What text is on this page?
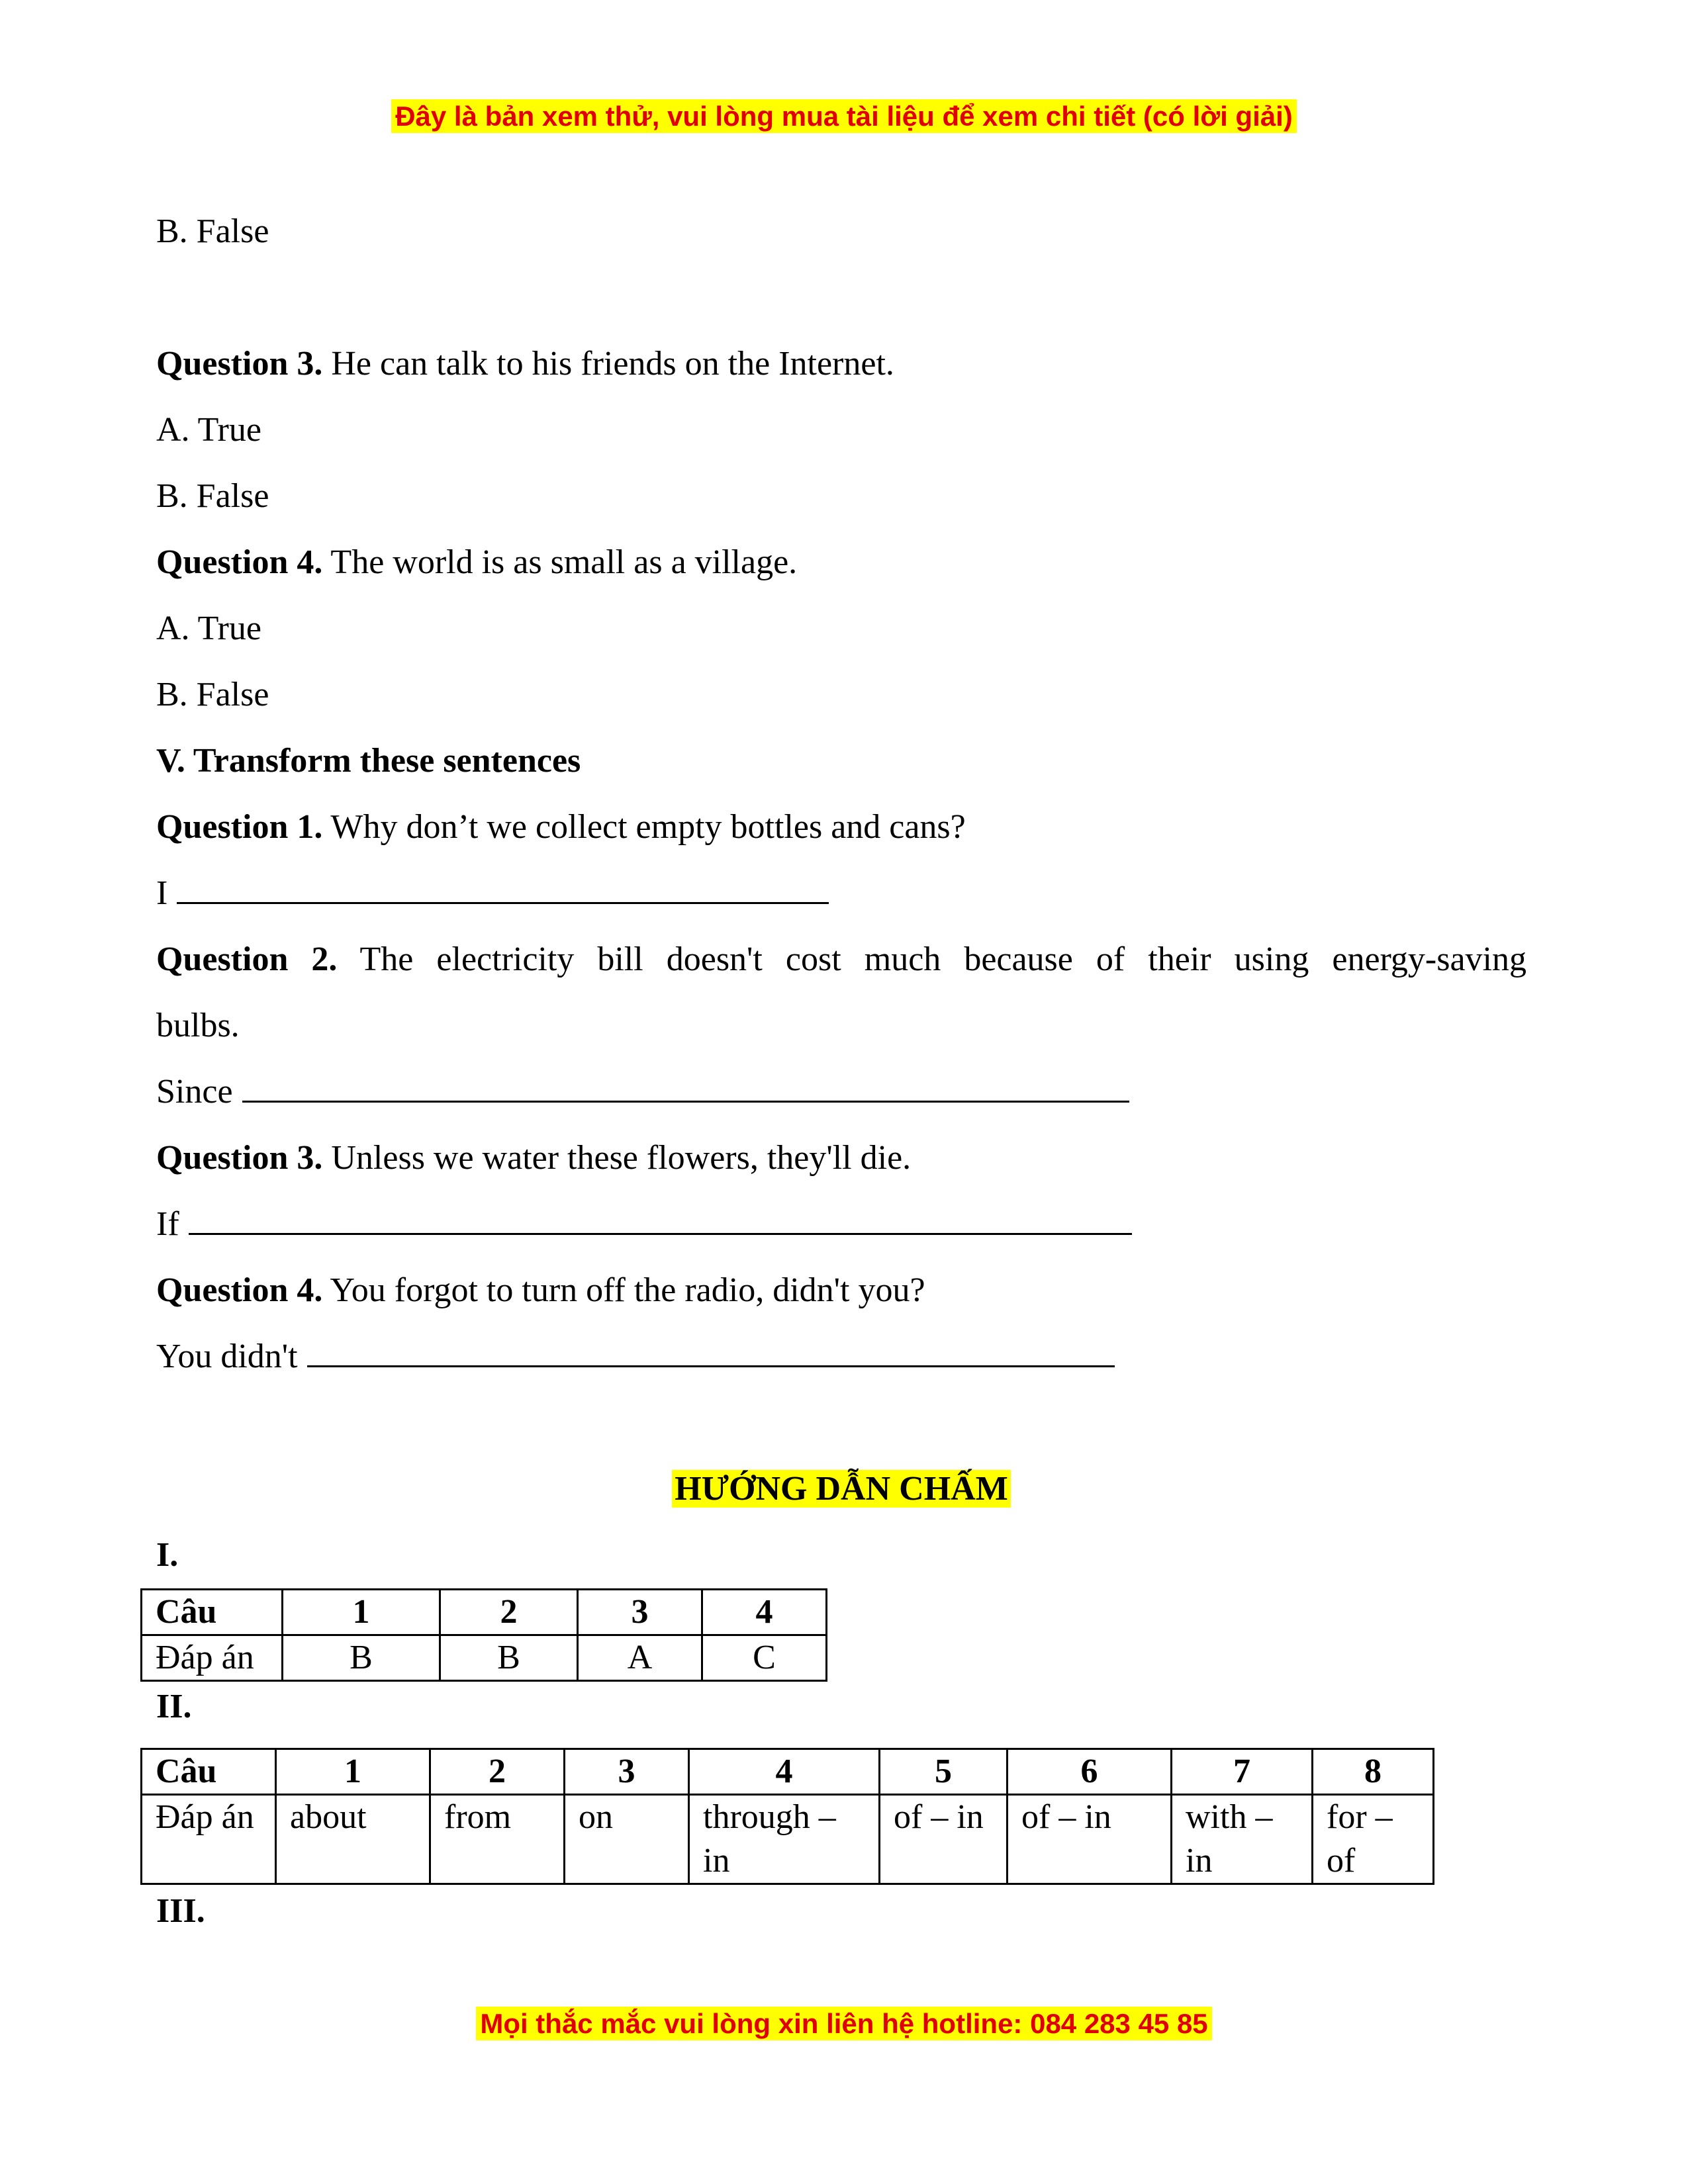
Đây là bản xem thử, vui lòng mua tài liệu để xem chi tiết (có lời giải)
B. False
Question 3. He can talk to his friends on the Internet.
A. True
B. False
Question 4. The world is as small as a village.
A. True
B. False
V. Transform these sentences
Question 1. Why don’t we collect empty bottles and cans?
I
Question 2. The electricity bill doesn't cost much because of their using energy-saving
bulbs.
Since
Question 3. Unless we water these flowers, they'll die.
If
Question 4. You forgot to turn off the radio, didn't you?
You didn't
HƯỚNG DẪN CHẤM
I.
Câu	1	2	3	4
Đáp án	B	B	A	C
II.
Câu	1	2	3	4	5	6	7	8
Đáp án	about	from	on	through – in	of – in	of – in	with – in	for – of
III.
Mọi thắc mắc vui lòng xin liên hệ hotline: 084 283 45 85
